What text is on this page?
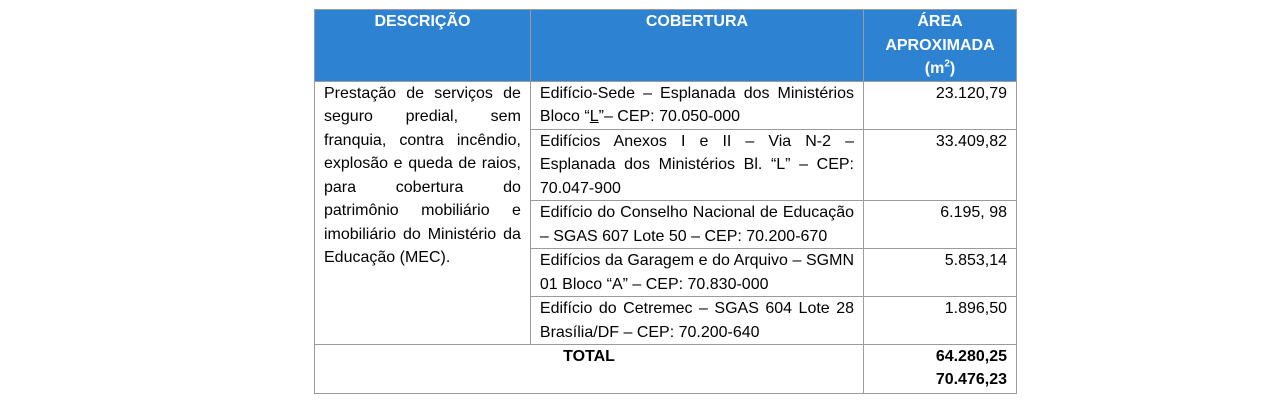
DESCRIÇÃO	COBERTURA	ÁREA
APROXIMADA
$(m^2)$
Prestação de serviços de seguro predial, sem franquia, contra incêndio, explosão e queda de raios, para cobertura do patrimônio mobiliário e imobiliário do Ministério da Educação (MEC).	Edifício-Sede – Esplanada dos Ministérios Bloco “L”– CEP: 70.050-000	23.120,79
	Edifícios Anexos I e II – Via N-2 – Esplanada dos Ministérios Bl. “L” – CEP: 70.047-900	33.409,82
	Edifício do Conselho Nacional de Educação – SGAS 607 Lote 50 – CEP: 70.200-670	6.195, 98
	Edifícios da Garagem e do Arquivo – SGMN 01 Bloco “A” – CEP: 70.830-000	5.853,14
	Edifício do Cetremec – SGAS 604 Lote 28 Brasília/DF – CEP: 70.200-640	1.896,50
TOTAL		64.280,25
70.476,23
